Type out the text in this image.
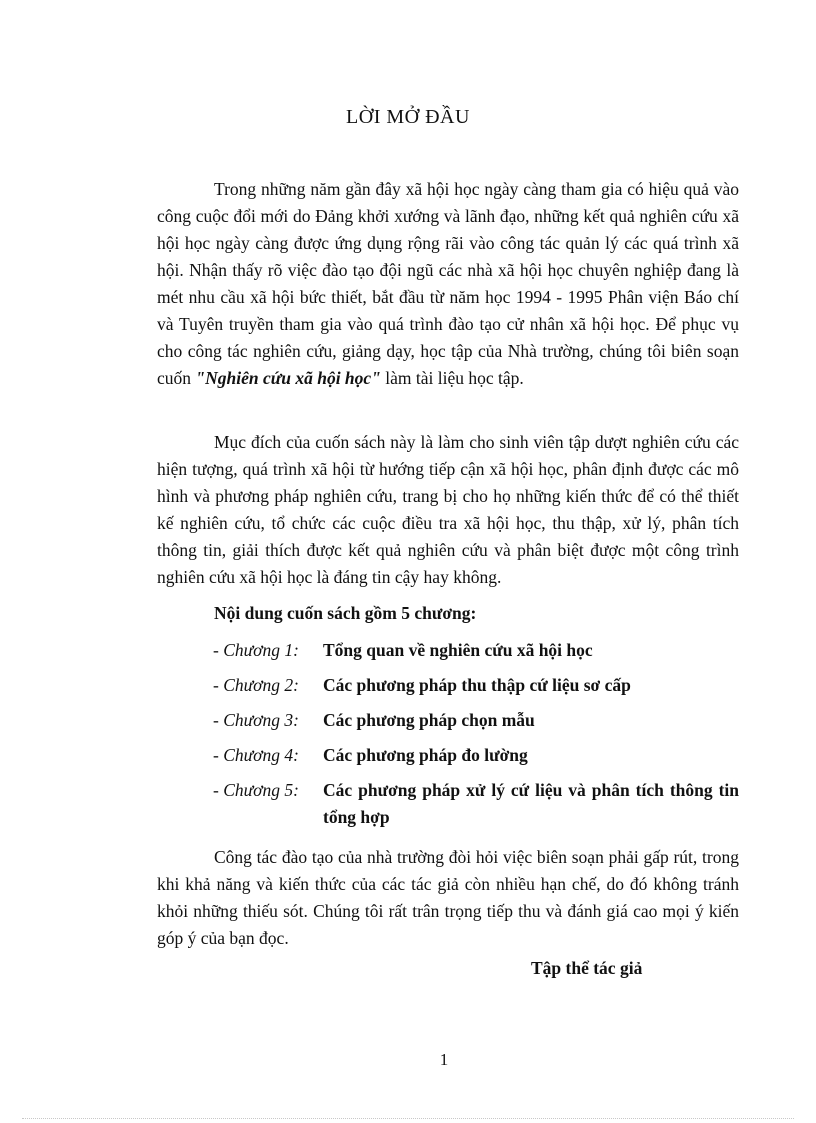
LỜI MỞ ĐẦU

Trong những năm gần đây xã hội học ngày càng tham gia có hiệu quả vào công cuộc đổi mới do Đảng khởi xướng và lãnh đạo, những kết quả nghiên cứu xã hội học ngày càng được ứng dụng rộng rãi vào công tác quản lý các quá trình xã hội. Nhận thấy rõ việc đào tạo đội ngũ các nhà xã hội học chuyên nghiệp đang là mét nhu cầu xã hội bức thiết, bắt đầu từ năm học 1994 - 1995 Phân viện Báo chí và Tuyên truyền tham gia vào quá trình đào tạo cử nhân xã hội học. Để phục vụ cho công tác nghiên cứu, giảng dạy, học tập của Nhà trường, chúng tôi biên soạn cuốn "Nghiên cứu xã hội học" làm tài liệu học tập.

Mục đích của cuốn sách này là làm cho sinh viên tập dượt nghiên cứu các hiện tượng, quá trình xã hội từ hướng tiếp cận xã hội học, phân định được các mô hình và phương pháp nghiên cứu, trang bị cho họ những kiến thức để có thể thiết kế nghiên cứu, tổ chức các cuộc điều tra xã hội học, thu thập, xử lý, phân tích thông tin, giải thích được kết quả nghiên cứu và phân biệt được một công trình nghiên cứu xã hội học là đáng tin cậy hay không.

Nội dung cuốn sách gồm 5 chương:
- Chương 1: Tổng quan về nghiên cứu xã hội học
- Chương 2: Các phương pháp thu thập cứ liệu sơ cấp
- Chương 3: Các phương pháp chọn mẫu
- Chương 4: Các phương pháp đo lường
- Chương 5: Các phương pháp xử lý cứ liệu và phân tích thông tin tổng hợp

Công tác đào tạo của nhà trường đòi hỏi việc biên soạn phải gấp rút, trong khi khả năng và kiến thức của các tác giả còn nhiều hạn chế, do đó không tránh khỏi những thiếu sót. Chúng tôi rất trân trọng tiếp thu và đánh giá cao mọi ý kiến góp ý của bạn đọc.

Tập thể tác giả
1
